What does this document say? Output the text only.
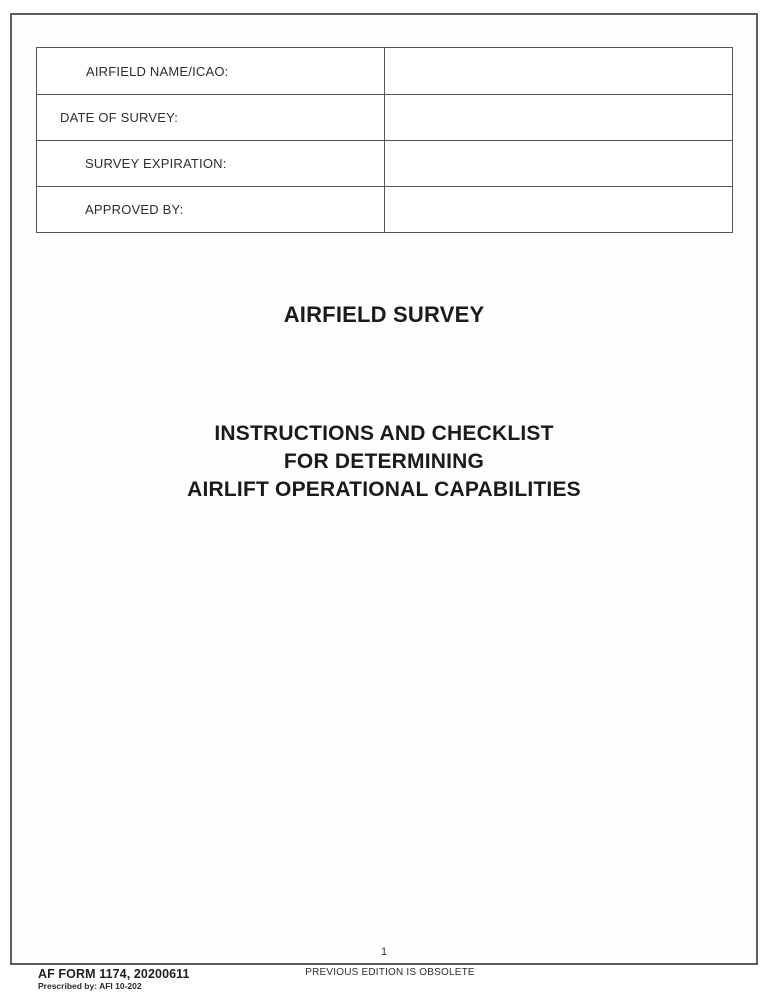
AIRFIELD NAME/ICAO:
DATE OF SURVEY:
SURVEY EXPIRATION:
APPROVED BY:
AIRFIELD SURVEY
INSTRUCTIONS AND CHECKLIST
FOR DETERMINING
AIRLIFT OPERATIONAL CAPABILITIES
1
AF FORM 1174, 20200611
Prescribed by: AFI 10-202
PREVIOUS EDITION IS OBSOLETE
